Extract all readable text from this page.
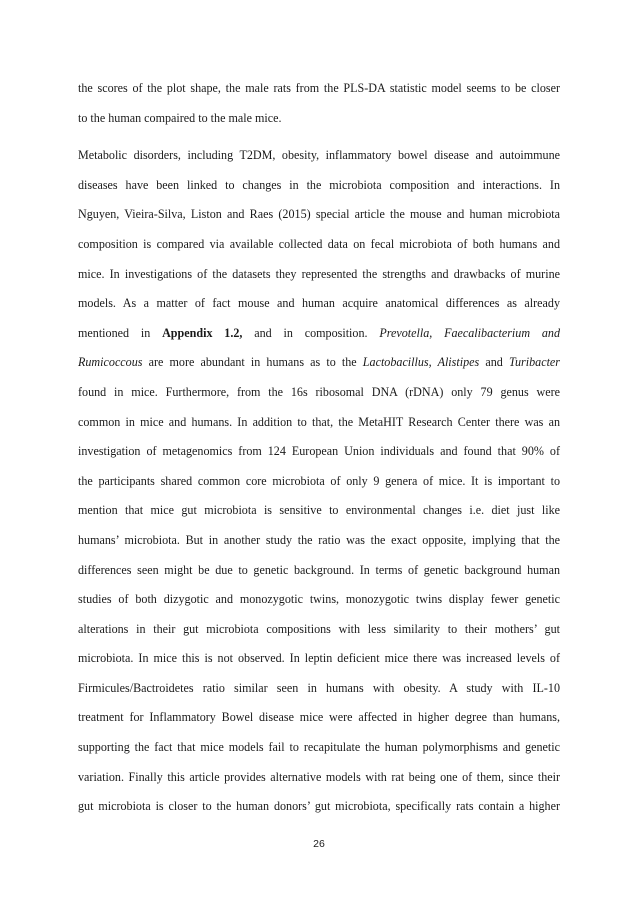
the scores of the plot shape, the male rats from the PLS-DA statistic model seems to be closer
to the human compaired to the male mice.
Metabolic disorders, including T2DM, obesity, inflammatory bowel disease and autoimmune
diseases have been linked to changes in the microbiota composition and interactions. In
Nguyen, Vieira-Silva, Liston and Raes (2015) special article the mouse and human microbiota
composition is compared via available collected data on fecal microbiota of both humans and
mice. In investigations of the datasets they represented the strengths and drawbacks of murine
models. As a matter of fact mouse and human acquire anatomical differences as already
mentioned in Appendix 1.2, and in composition. Prevotella, Faecalibacterium and
Rumicoccous are more abundant in humans as to the Lactobacillus, Alistipes and Turibacter
found in mice. Furthermore, from the 16s ribosomal DNA (rDNA) only 79 genus were
common in mice and humans. In addition to that, the MetaHIT Research Center there was an
investigation of metagenomics from 124 European Union individuals and found that 90% of
the participants shared common core microbiota of only 9 genera of mice. It is important to
mention that mice gut microbiota is sensitive to environmental changes i.e. diet just like
humans’ microbiota. But in another study the ratio was the exact opposite, implying that the
differences seen might be due to genetic background. In terms of genetic background human
studies of both dizygotic and monozygotic twins, monozygotic twins display fewer genetic
alterations in their gut microbiota compositions with less similarity to their mothers’ gut
microbiota. In mice this is not observed. In leptin deficient mice there was increased levels of
Firmicules/Bactroidetes ratio similar seen in humans with obesity. A study with IL-10
treatment for Inflammatory Bowel disease mice were affected in higher degree than humans,
supporting the fact that mice models fail to recapitulate the human polymorphisms and genetic
variation. Finally this article provides alternative models with rat being one of them, since their
gut microbiota is closer to the human donors’ gut microbiota, specifically rats contain a higher
26
